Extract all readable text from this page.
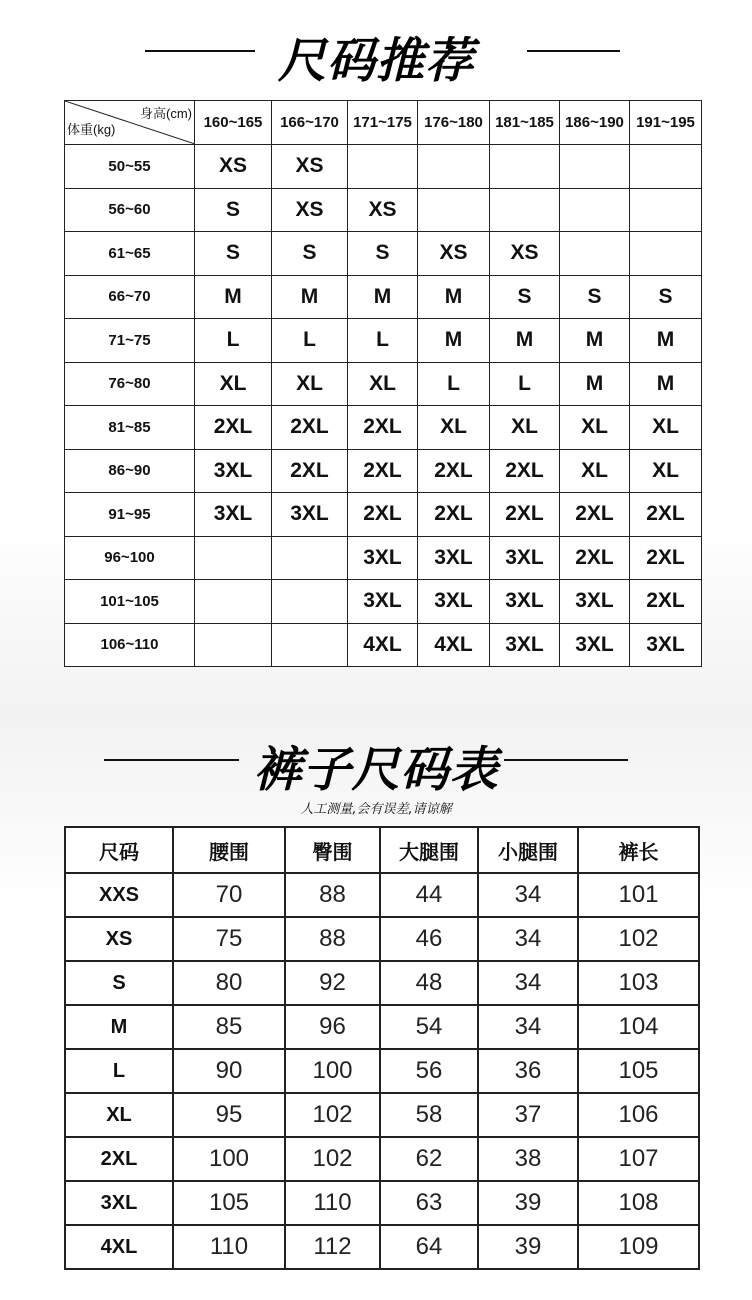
尺码推荐
身高(cm)
体重(kg)	160~165	166~170	171~175	176~180	181~185	186~190	191~195
50~55	XS	XS					
56~60	S	XS	XS				
61~65	S	S	S	XS	XS		
66~70	M	M	M	M	S	S	S
71~75	L	L	L	M	M	M	M
76~80	XL	XL	XL	L	L	M	M
81~85	2XL	2XL	2XL	XL	XL	XL	XL
86~90	3XL	2XL	2XL	2XL	2XL	XL	XL
91~95	3XL	3XL	2XL	2XL	2XL	2XL	2XL
96~100			3XL	3XL	3XL	2XL	2XL
101~105			3XL	3XL	3XL	3XL	2XL
106~110			4XL	4XL	3XL	3XL	3XL
裤子尺码表
人工测量,会有误差,请谅解
尺码	腰围	臀围	大腿围	小腿围	裤长
XXS	70	88	44	34	101
XS	75	88	46	34	102
S	80	92	48	34	103
M	85	96	54	34	104
L	90	100	56	36	105
XL	95	102	58	37	106
2XL	100	102	62	38	107
3XL	105	110	63	39	108
4XL	110	112	64	39	109
